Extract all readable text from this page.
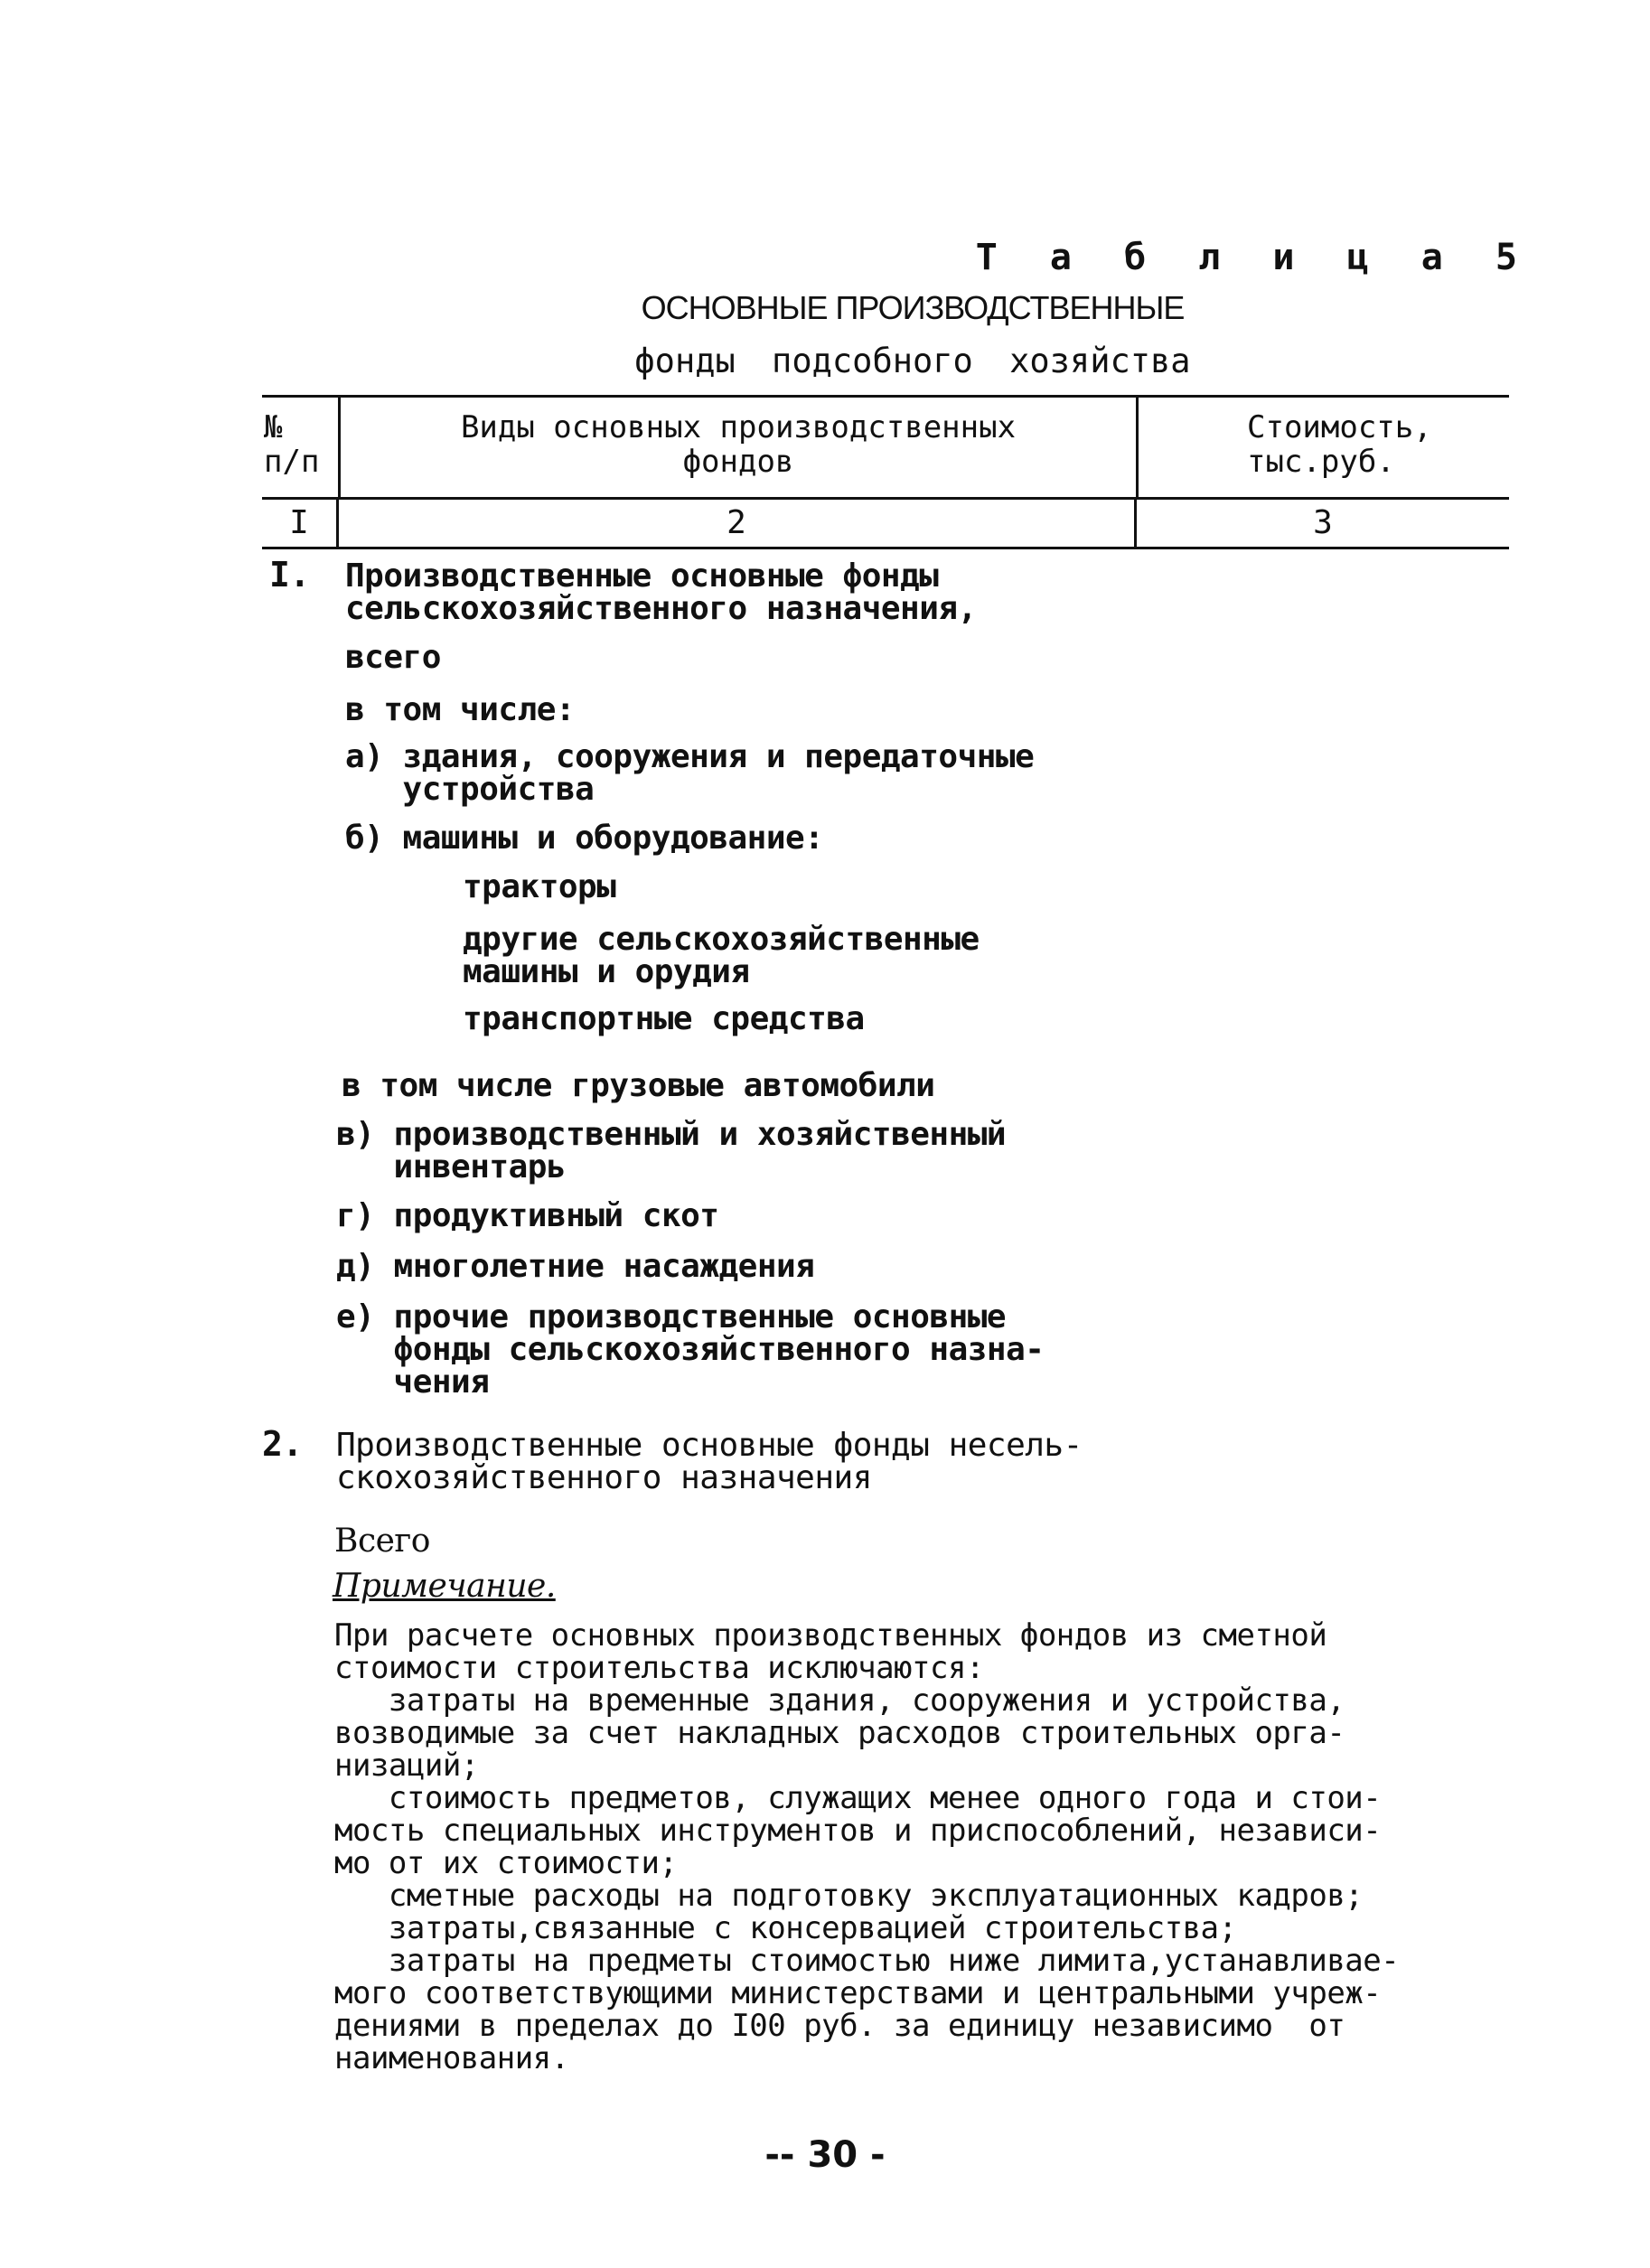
Т а б л и ц а 5
ОСНОВНЫЕ ПРОИЗВОДСТВЕННЫЕ
фонды подсобного хозяйства
№
п/п
Виды основных производственных
фондов
Стоимость,
тыс.руб.
I	2	3
I. Производственные основные фонды
сельскохозяйственного назначения,
всего
в том числе:
а) здания, сооружения и передаточные
устройства
б) машины и оборудование:
тракторы
другие сельскохозяйственные
машины и орудия
транспортные средства
в том числе грузовые автомобили
в) производственный и хозяйственный
инвентарь
г) продуктивный скот
д) многолетние насаждения
е) прочие производственные основные
фонды сельскохозяйственного назна-
чения
2. Производственные основные фонды несель-
скохозяйственного назначения
Всего
Примечание.
При расчете основных производственных фондов из сметной
стоимости строительства исключаются:
затраты на временные здания, сооружения и устройства,
возводимые за счет накладных расходов строительных орга-
низаций;
стоимость предметов, служащих менее одного года и стои-
мость специальных инструментов и приспособлений, независи-
мо от их стоимости;
сметные расходы на подготовку эксплуатационных кадров;
затраты,связанные с консервацией строительства;
затраты на предметы стоимостью ниже лимита,устанавливае-
мого соответствующими министерствами и центральными учреж-
дениями в пределах до I00 руб. за единицу независимо  от
наименования.
-- 30 -
